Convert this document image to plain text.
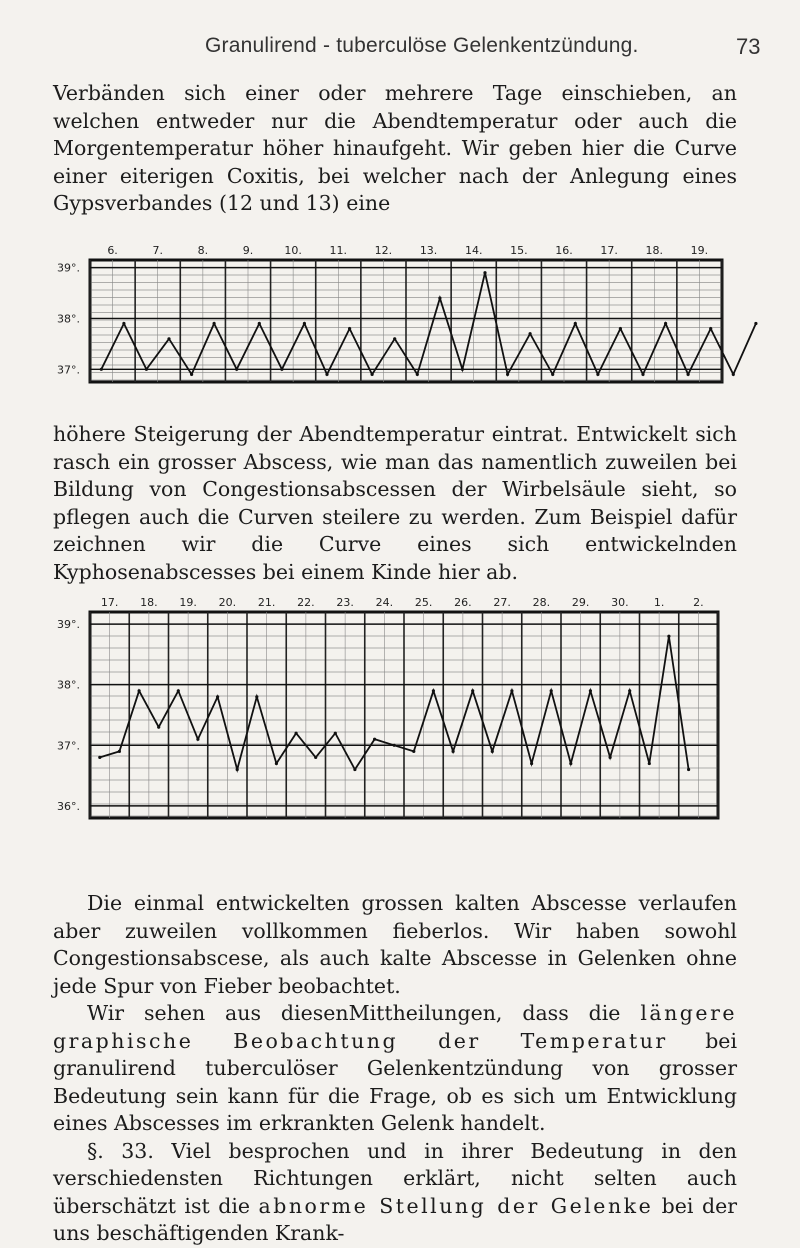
Granulirend - tuberculöse Gelenkentzündung.	73

Verbänden sich einer oder mehrere Tage einschieben, an welchen entweder nur die Abendtemperatur oder auch die Morgentemperatur höher hinaufgeht. Wir geben hier die Curve einer eiterigen Coxitis, bei welcher nach der Anlegung eines Gypsverbandes (12 und 13) eine

39°.
38°.
37°.
6.	7.	8.	9.	10.	11.	12.	13.	14.	15.	16.	17.	18.	19.

höhere Steigerung der Abendtemperatur eintrat. Entwickelt sich rasch ein grosser Abscess, wie man das namentlich zuweilen bei Bildung von Congestionsabscessen der Wirbelsäule sieht, so pflegen auch die Curven steilere zu werden. Zum Beispiel dafür zeichnen wir die Curve eines sich entwickelnden Kyphosenabscesses bei einem Kinde hier ab.

39°.
38°.
37°.
36°.
17. 18. 19. 20. 21. 22. 23. 24. 25. 26. 27. 28. 29. 30. 1.	2.

Die einmal entwickelten grossen kalten Abscesse verlaufen aber zuweilen vollkommen fieberlos. Wir haben sowohl Congestionsabscese, als auch kalte Abscesse in Gelenken ohne jede Spur von Fieber beobachtet.

Wir sehen aus diesenMittheilungen, dass die längere graphische Beobachtung der Temperatur bei granulirend tuberculöser Gelenkentzündung von grosser Bedeutung sein kann für die Frage, ob es sich um Entwicklung eines Abscesses im erkrankten Gelenk handelt.

§. 33. Viel besprochen und in ihrer Bedeutung in den verschiedensten Richtungen erklärt, nicht selten auch überschätzt ist die abnorme Stellung der Gelenke bei der uns beschäftigenden Krank-
